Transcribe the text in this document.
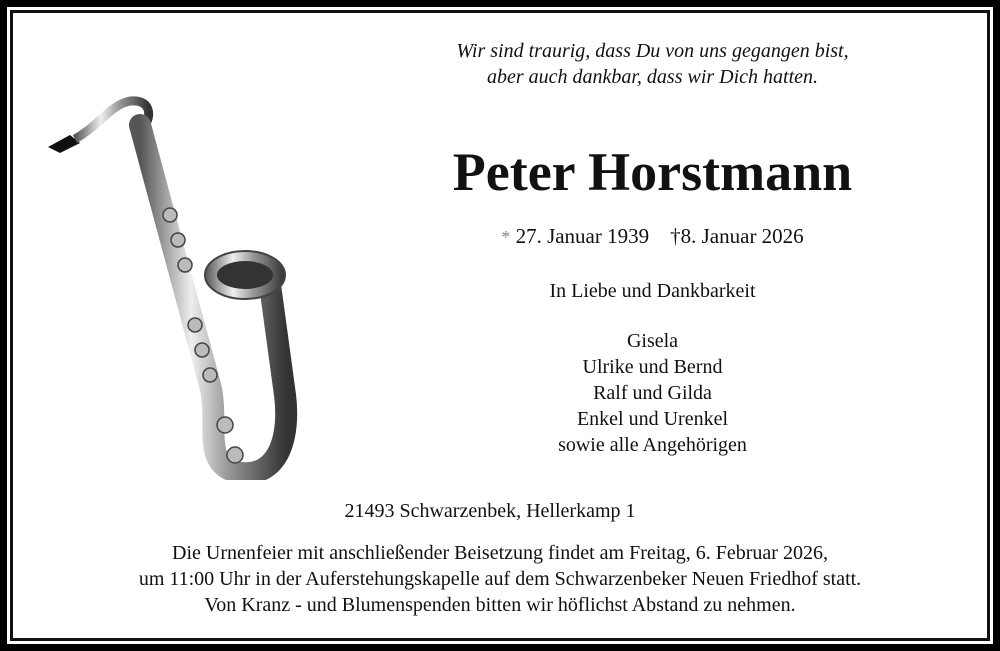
Wir sind traurig, dass Du von uns gegangen bist,
aber auch dankbar, dass wir Dich hatten.
Peter Horstmann
* 27. Januar 1939 †8. Januar 2026
In Liebe und Dankbarkeit
Gisela
Ulrike und Bernd
Ralf und Gilda
Enkel und Urenkel
sowie alle Angehörigen
21493 Schwarzenbek, Hellerkamp 1
Die Urnenfeier mit anschließender Beisetzung findet am Freitag, 6. Februar 2026,
um 11:00 Uhr in der Auferstehungskapelle auf dem Schwarzenbeker Neuen Friedhof statt.
Von Kranz - und Blumenspenden bitten wir höflichst Abstand zu nehmen.
